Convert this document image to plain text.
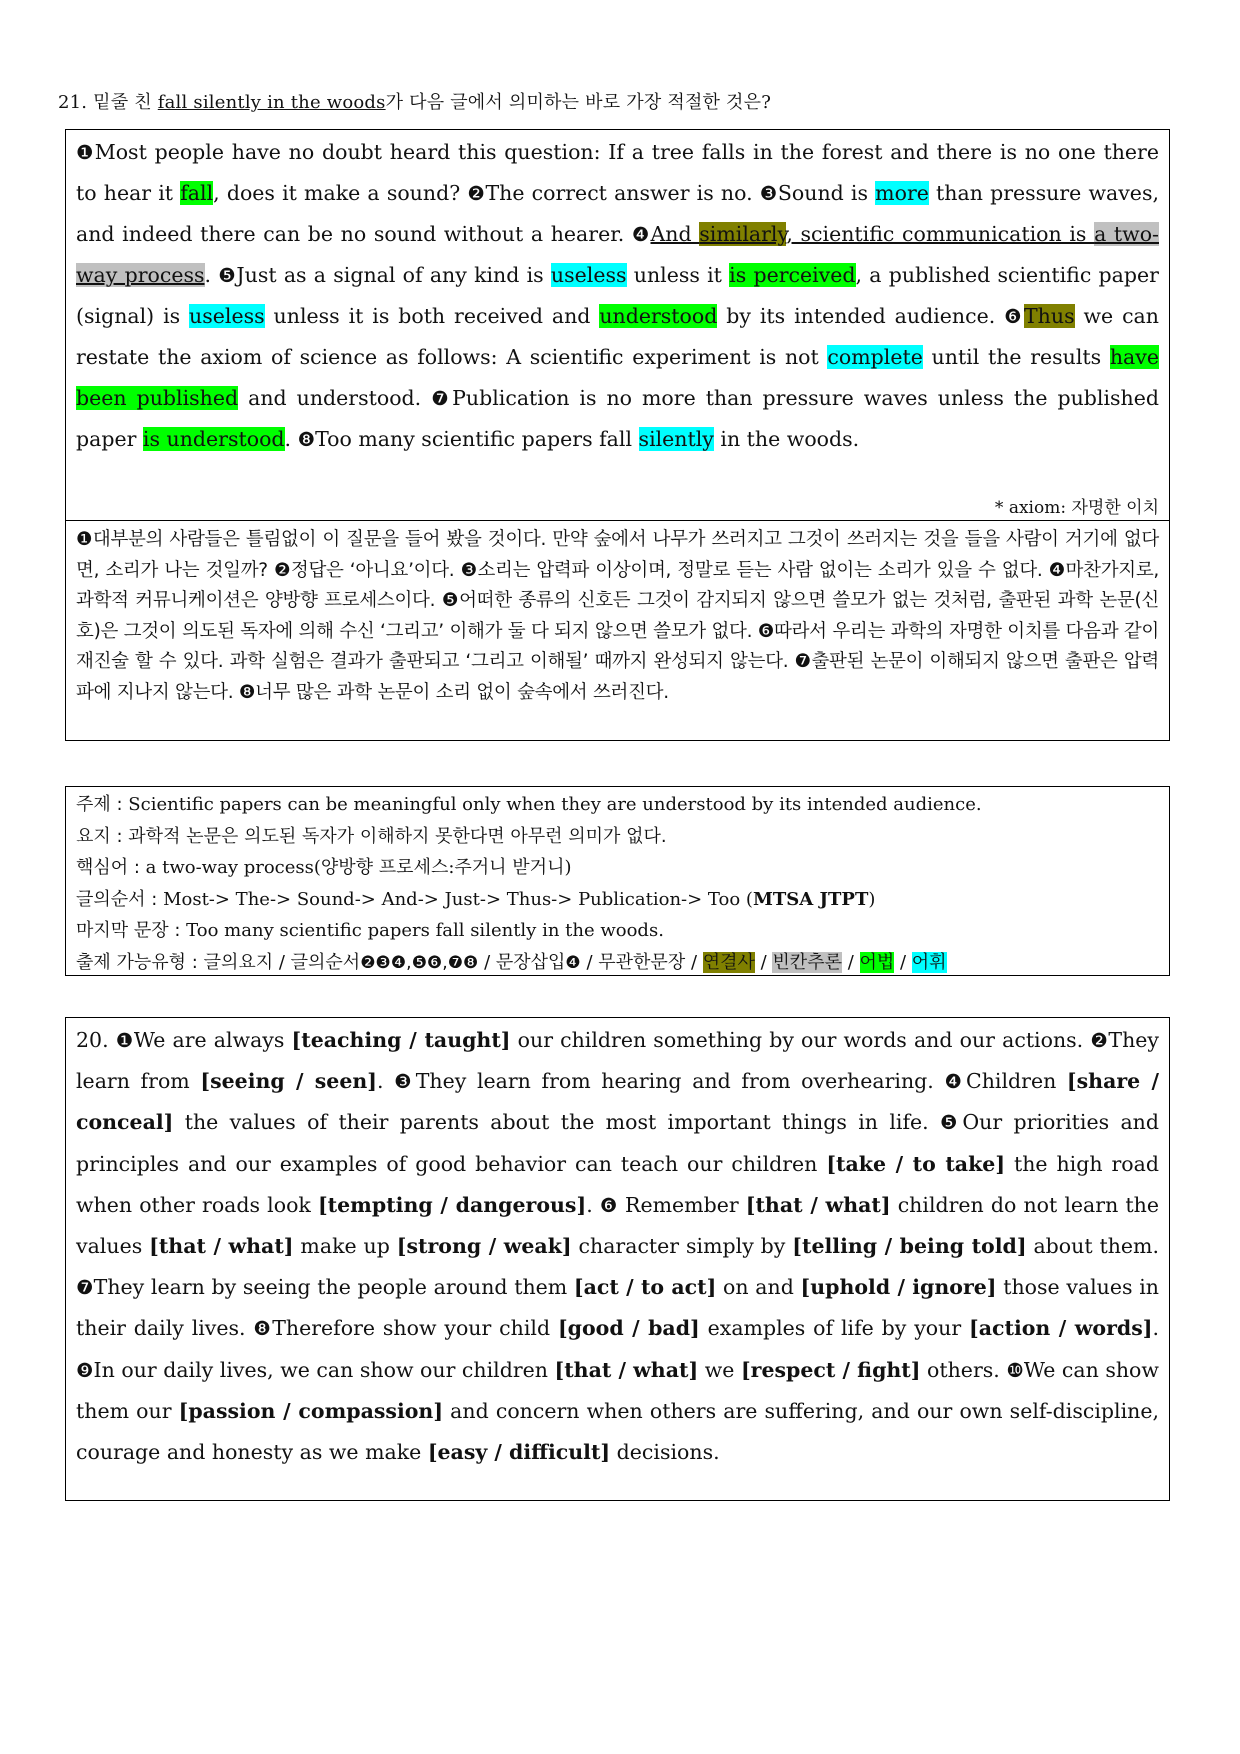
21. 밑줄 친 fall silently in the woods가 다음 글에서 의미하는 바로 가장 적절한 것은?

❶Most people have no doubt heard this question: If a tree falls in the forest and there is no one there to hear it fall, does it make a sound? ❷The correct answer is no. ❸Sound is more than pressure waves, and indeed there can be no sound without a hearer. ❹And similarly, scientific communication is a two-way process. ❺Just as a signal of any kind is useless unless it is perceived, a published scientific paper (signal) is useless unless it is both received and understood by its intended audience. ❻Thus we can restate the axiom of science as follows: A scientific experiment is not complete until the results have been published and understood. ❼Publication is no more than pressure waves unless the published paper is understood. ❽Too many scientific papers fall silently in the woods.

* axiom: 자명한 이치

❶대부분의 사람들은 틀림없이 이 질문을 들어 봤을 것이다. 만약 숲에서 나무가 쓰러지고 그것이 쓰러지는 것을 들을 사람이 거기에 없다면, 소리가 나는 것일까? ❷정답은 ‘아니요’이다. ❸소리는 압력파 이상이며, 정말로 듣는 사람 없이는 소리가 있을 수 없다. ❹마찬가지로, 과학적 커뮤니케이션은 양방향 프로세스이다. ❺어떠한 종류의 신호든 그것이 감지되지 않으면 쓸모가 없는 것처럼, 출판된 과학 논문(신호)은 그것이 의도된 독자에 의해 수신 ‘그리고’ 이해가 둘 다 되지 않으면 쓸모가 없다. ❻따라서 우리는 과학의 자명한 이치를 다음과 같이 재진술 할 수 있다. 과학 실험은 결과가 출판되고 ‘그리고 이해될’ 때까지 완성되지 않는다. ❼출판된 논문이 이해되지 않으면 출판은 압력파에 지나지 않는다. ❽너무 많은 과학 논문이 소리 없이 숲속에서 쓰러진다.

주제 : Scientific papers can be meaningful only when they are understood by its intended audience.
요지 : 과학적 논문은 의도된 독자가 이해하지 못한다면 아무런 의미가 없다.
핵심어 : a two-way process(양방향 프로세스:주거니 받거니)
글의순서 : Most-> The-> Sound-> And-> Just-> Thus-> Publication-> Too (MTSA JTPT)
마지막 문장 : Too many scientific papers fall silently in the woods.
출제 가능유형 : 글의요지 / 글의순서❷❸❹,❺❻,❼❽ / 문장삽입❹ / 무관한문장 / 연결사 / 빈칸추론 / 어법 / 어휘

20. ❶We are always [teaching / taught] our children something by our words and our actions. ❷They learn from [seeing / seen]. ❸They learn from hearing and from overhearing. ❹Children [share / conceal] the values of their parents about the most important things in life. ❺Our priorities and principles and our examples of good behavior can teach our children [take / to take] the high road when other roads look [tempting / dangerous]. ❻ Remember [that / what] children do not learn the values [that / what] make up [strong / weak] character simply by [telling / being told] about them. ❼They learn by seeing the people around them [act / to act] on and [uphold / ignore] those values in their daily lives. ❽Therefore show your child [good / bad] examples of life by your [action / words]. ❾In our daily lives, we can show our children [that / what] we [respect / fight] others. ❿We can show them our [passion / compassion] and concern when others are suffering, and our own self-discipline, courage and honesty as we make [easy / difficult] decisions.
